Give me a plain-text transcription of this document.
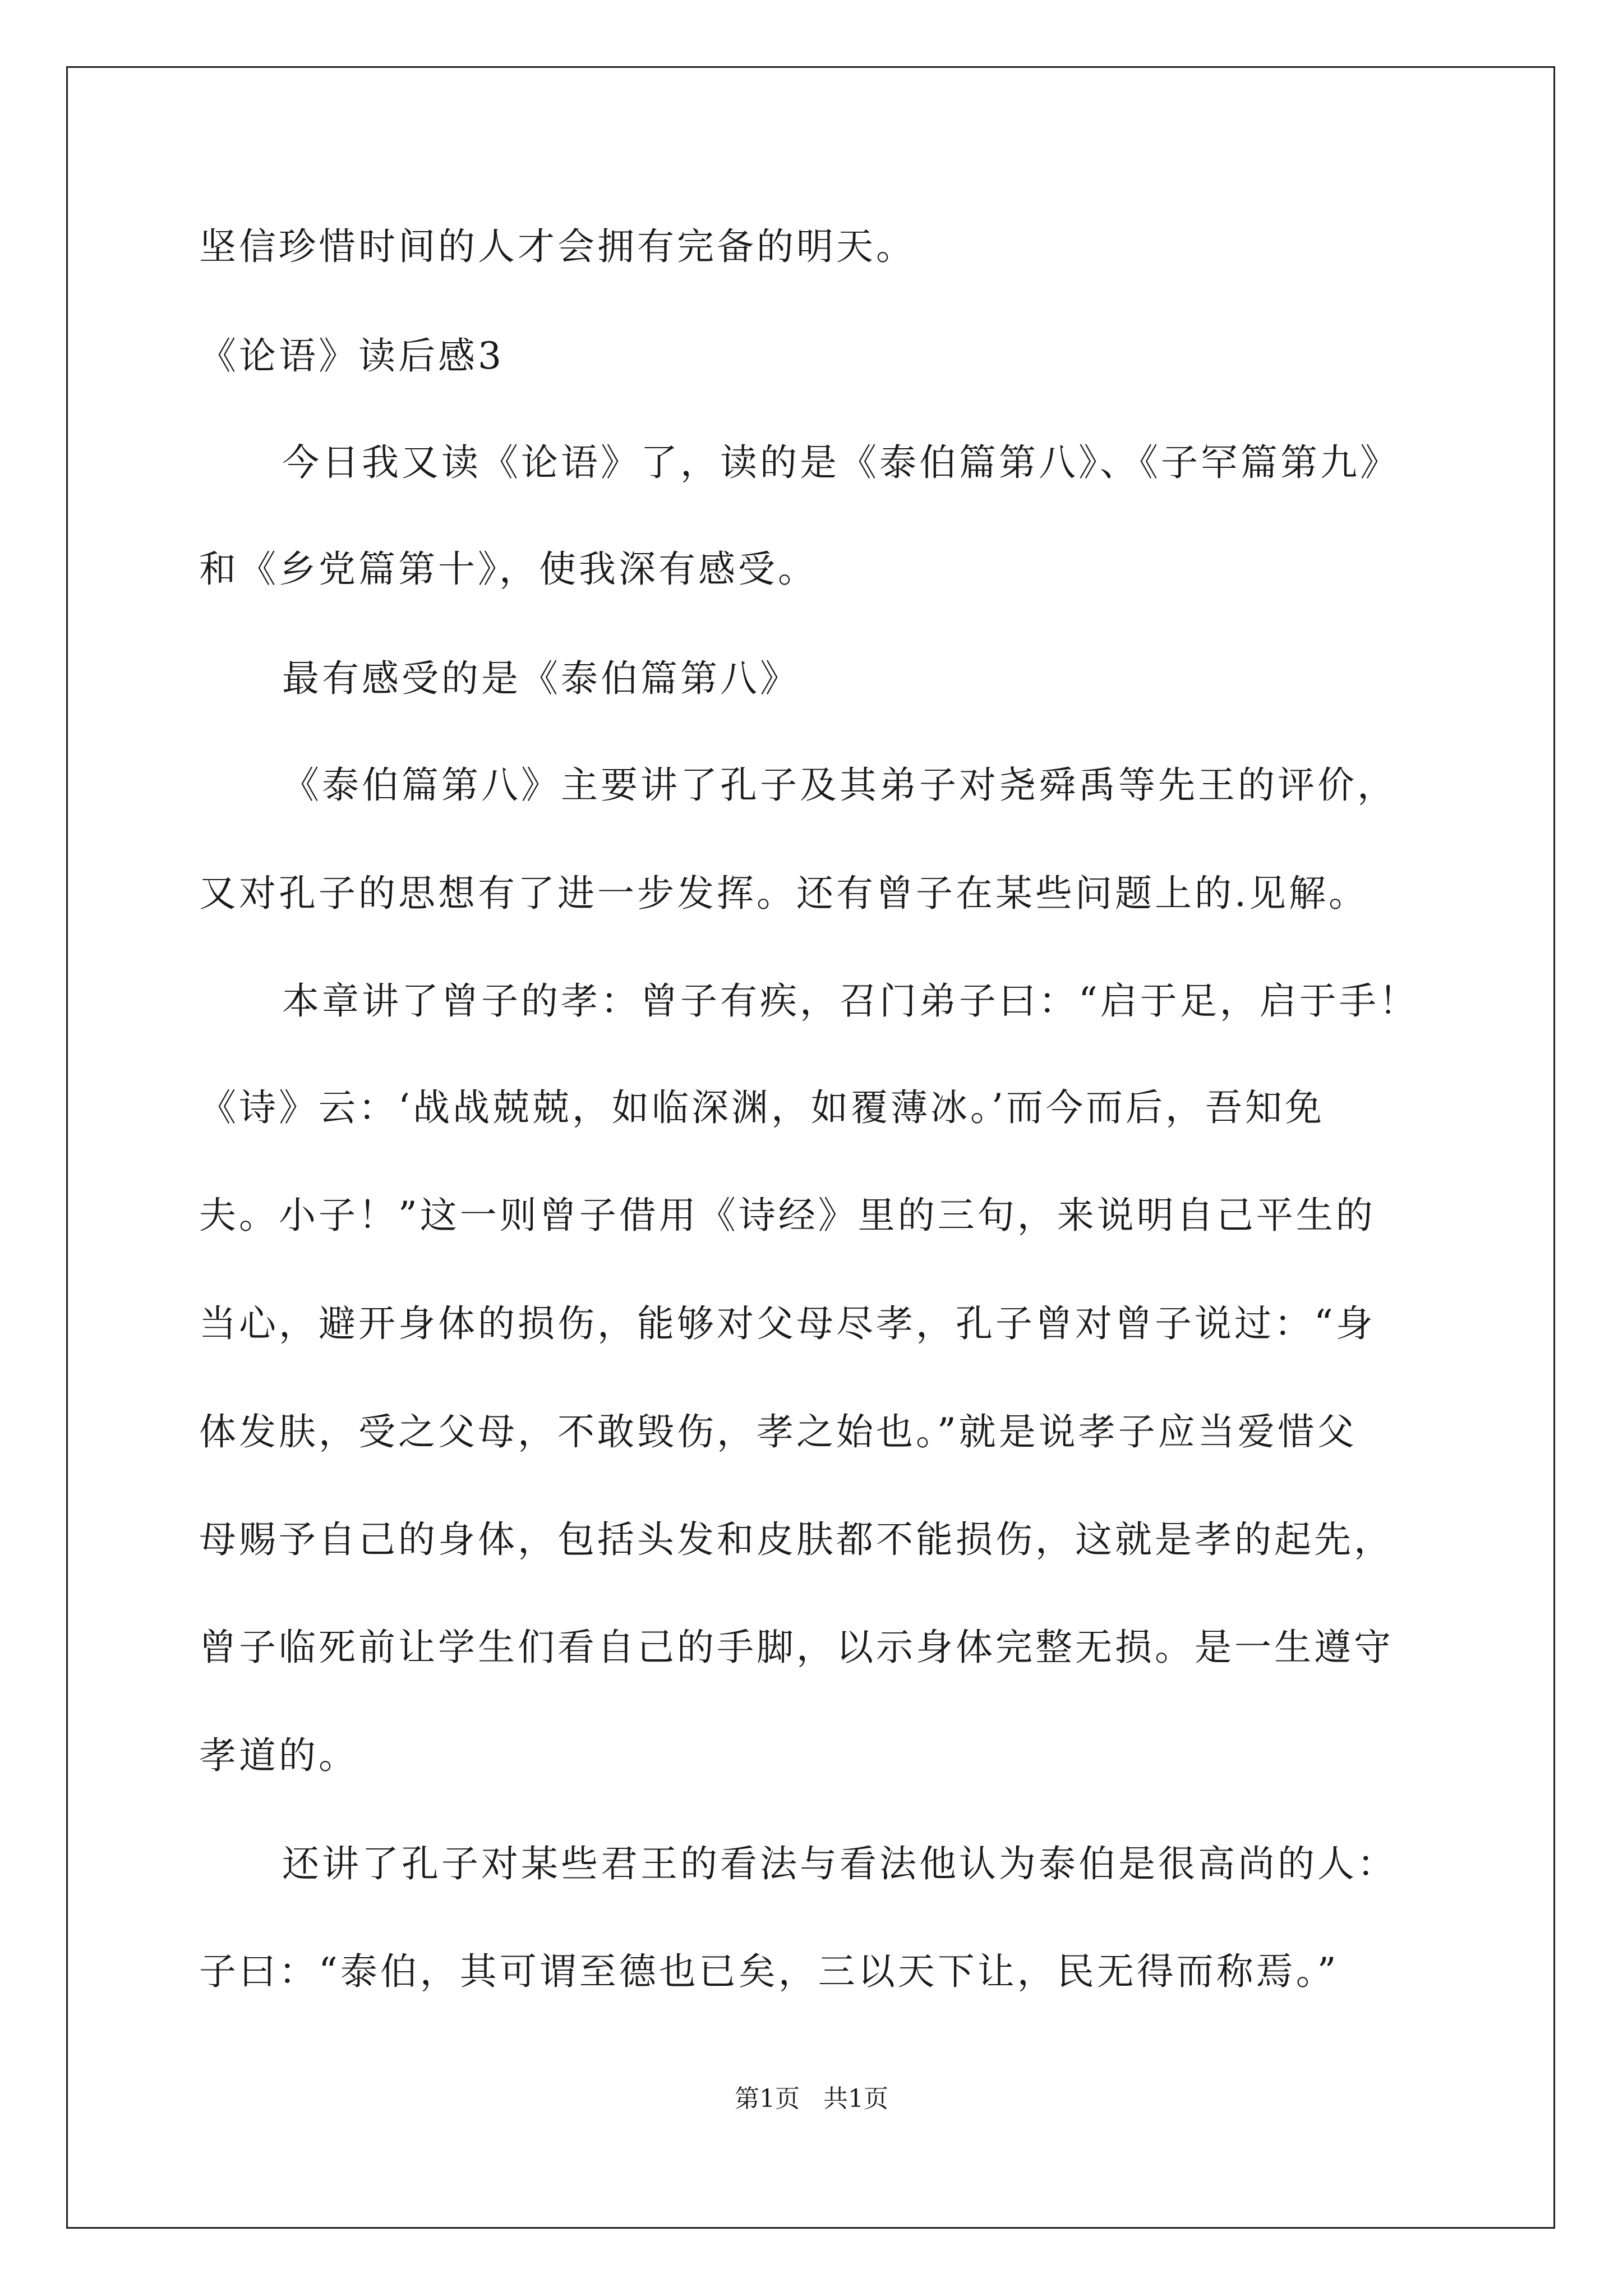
坚信珍惜时间的人才会拥有完备的明天。
《论语》读后感3
今日我又读《论语》了，读的是《泰伯篇第八》、《子罕篇第九》
和《乡党篇第十》，使我深有感受。
最有感受的是《泰伯篇第八》
《泰伯篇第八》主要讲了孔子及其弟子对尧舜禹等先王的评价，
又对孔子的思想有了进一步发挥。还有曾子在某些问题上的.见解。
本章讲了曾子的孝：曾子有疾，召门弟子曰：“启于足，启于手！
《诗》云：‘战战兢兢，如临深渊，如覆薄冰。’而今而后，吾知免
夫。小子！”这一则曾子借用《诗经》里的三句，来说明自己平生的
当心，避开身体的损伤，能够对父母尽孝，孔子曾对曾子说过：“身
体发肤，受之父母，不敢毁伤，孝之始也。”就是说孝子应当爱惜父
母赐予自己的身体，包括头发和皮肤都不能损伤，这就是孝的起先，
曾子临死前让学生们看自己的手脚，以示身体完整无损。是一生遵守
孝道的。
还讲了孔子对某些君王的看法与看法他认为泰伯是很高尚的人：
子曰：“泰伯，其可谓至德也已矣，三以天下让，民无得而称焉。”
第1页   共1页
